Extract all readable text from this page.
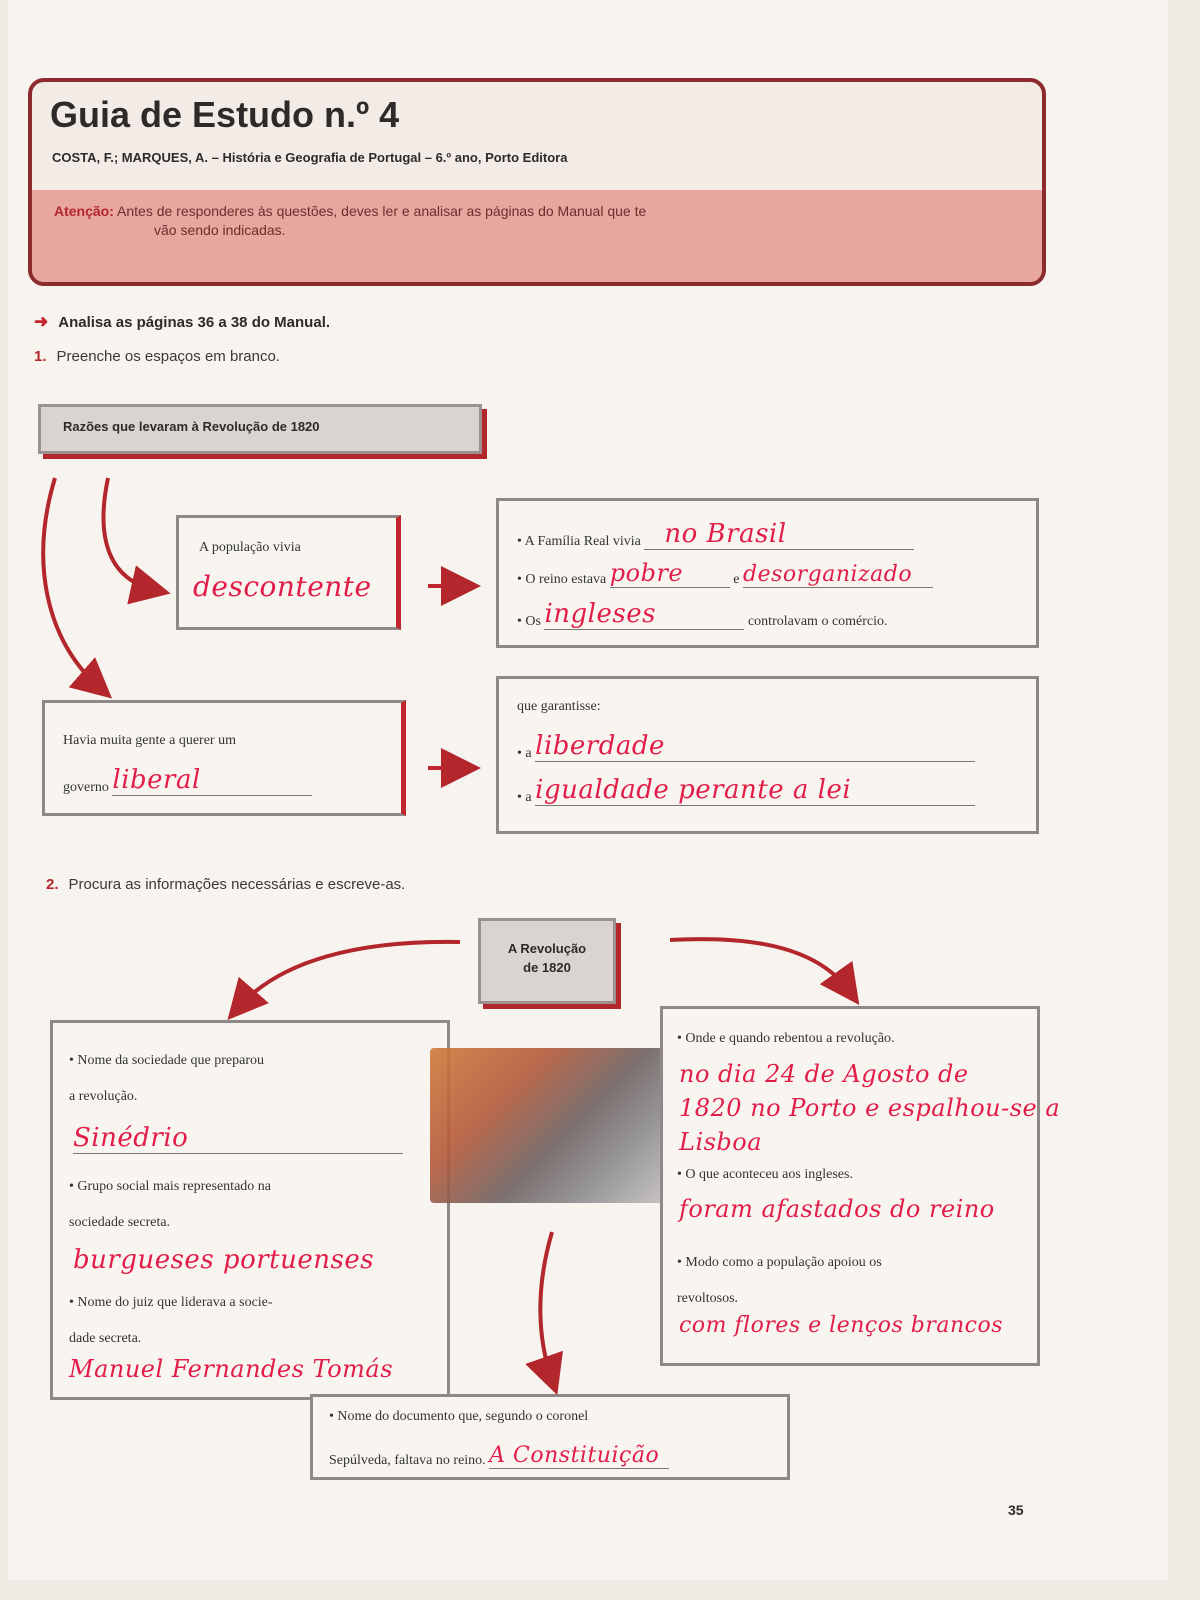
Guia de Estudo n.º 4
COSTA, F.; MARQUES, A. – História e Geografia de Portugal – 6.º ano, Porto Editora
Atenção: Antes de responderes às questões, deves ler e analisar as páginas do Manual que te
vão sendo indicadas.
➜ Analisa as páginas 36 a 38 do Manual.
1. Preenche os espaços em branco.
Razões que levaram à Revolução de 1820
A população vivia
descontente
• A Família Real vivia no Brasil
• O reino estava pobre	e desorganizado
• Os ingleses	controlavam o comércio.
Havia muita gente a querer um
governo liberal
que garantisse:
• a liberdade
• a igualdade perante a lei
2. Procura as informações necessárias e escreve-as.
A Revolução
de 1820
• Nome da sociedade que preparou
a revolução.
Sinédrio
• Grupo social mais representado na
sociedade secreta.
burgueses portuenses
• Nome do juiz que liderava a socie-
dade secreta.
Manuel Fernandes Tomás
• Onde e quando rebentou a revolução.
no dia 24 de Agosto de
1820 no Porto e espalhou-se a
Lisboa
• O que aconteceu aos ingleses.
foram afastados do reino
• Modo como a população apoiou os
revoltosos.
com flores e lenços brancos
• Nome do documento que, segundo o coronel
Sepúlveda, faltava no reino. A Constituição
35
